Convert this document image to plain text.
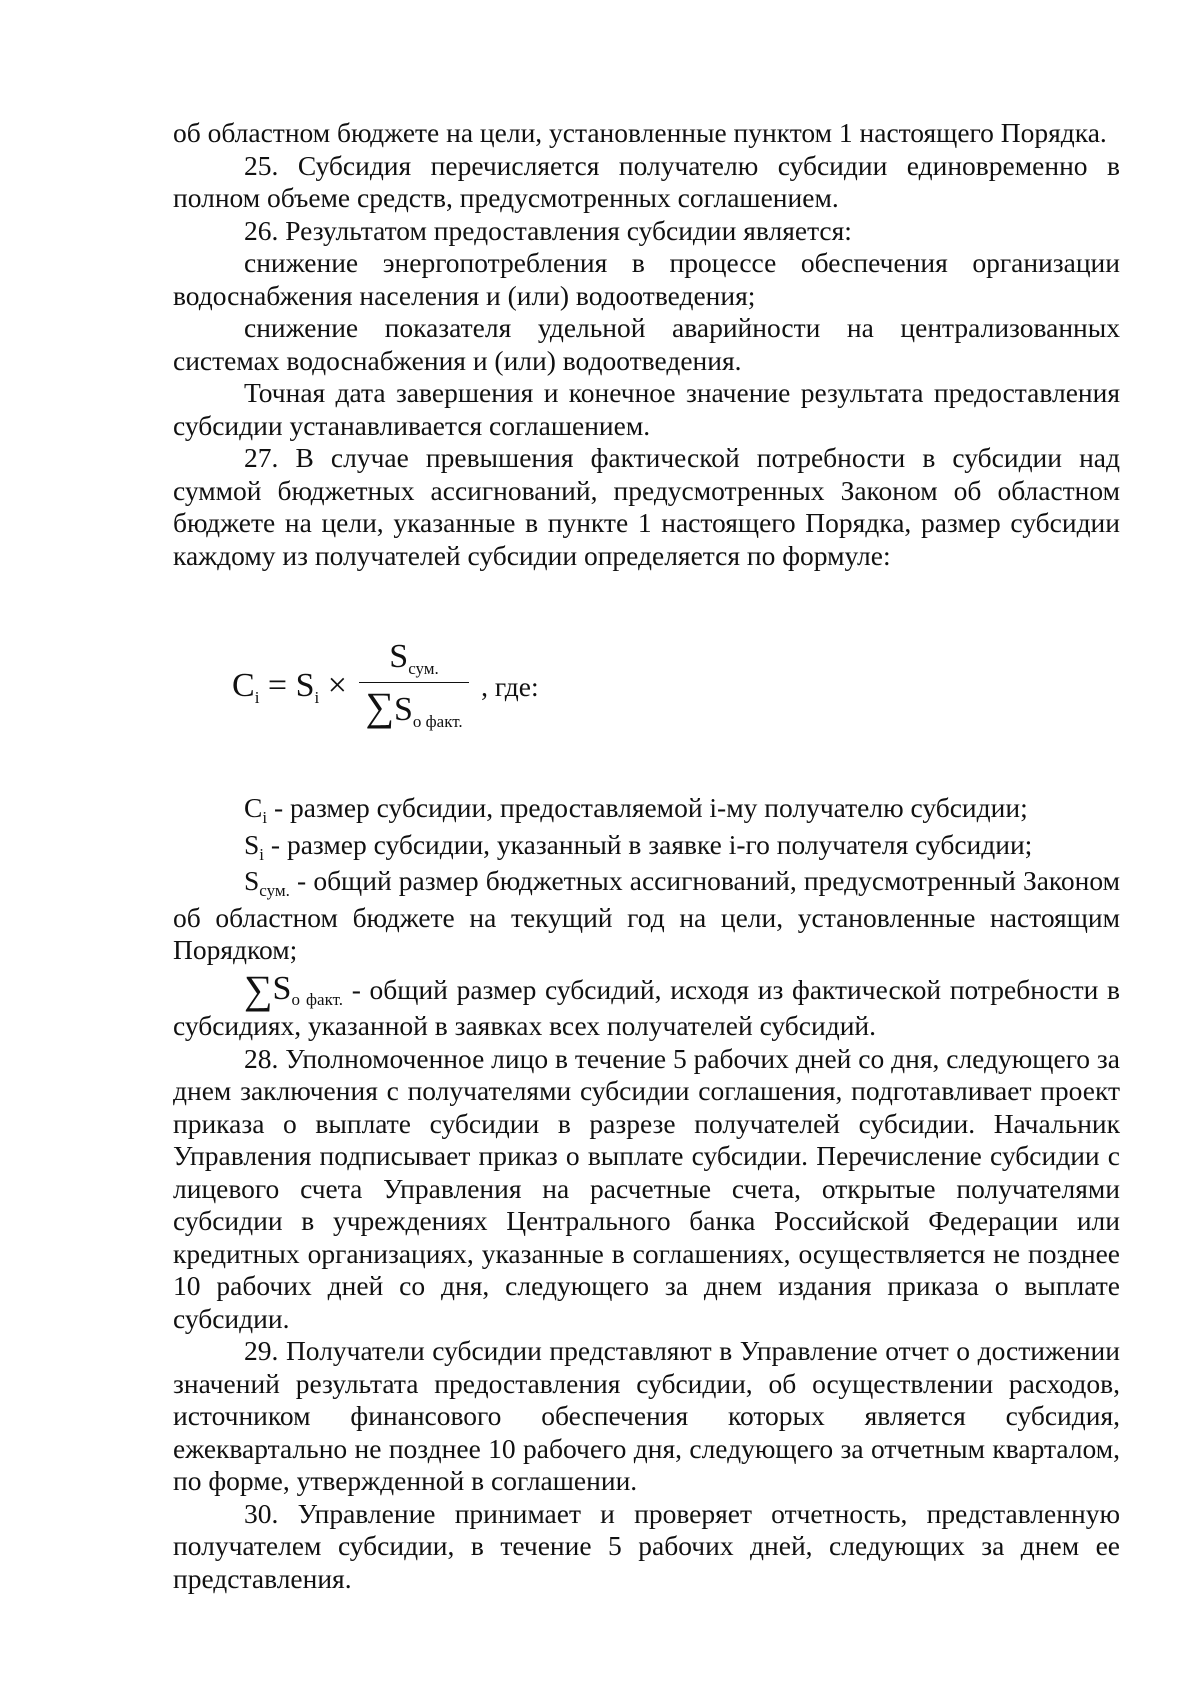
об областном бюджете на цели, установленные пунктом 1 настоящего Порядка.

25. Субсидия перечисляется получателю субсидии единовременно в полном объеме средств, предусмотренных соглашением.

26. Результатом предоставления субсидии является:

снижение энергопотребления в процессе обеспечения организации водоснабжения населения и (или) водоотведения;

снижение показателя удельной аварийности на централизованных системах водоснабжения и (или) водоотведения.

Точная дата завершения и конечное значение результата предоставления субсидии устанавливается соглашением.

27. В случае превышения фактической потребности в субсидии над суммой бюджетных ассигнований, предусмотренных Законом об областном бюджете на цели, указанные в пункте 1 настоящего Порядка, размер субсидии каждому из получателей субсидии определяется по формуле:

$C_i = S_i \times \frac{S_{сум.}}{\sum S_{о факт.}}$ , где:

$C_i$ - размер субсидии, предоставляемой i-му получателю субсидии;

$S_i$ - размер субсидии, указанный в заявке i-го получателя субсидии;

$S_{сум.}$ - общий размер бюджетных ассигнований, предусмотренный Законом об областном бюджете на текущий год на цели, установленные настоящим Порядком;

$\sum S_{о факт.}$ - общий размер субсидий, исходя из фактической потребности в субсидиях, указанной в заявках всех получателей субсидий.

28. Уполномоченное лицо в течение 5 рабочих дней со дня, следующего за днем заключения с получателями субсидии соглашения, подготавливает проект приказа о выплате субсидии в разрезе получателей субсидии. Начальник Управления подписывает приказ о выплате субсидии. Перечисление субсидии с лицевого счета Управления на расчетные счета, открытые получателями субсидии в учреждениях Центрального банка Российской Федерации или кредитных организациях, указанные в соглашениях, осуществляется не позднее 10 рабочих дней со дня, следующего за днем издания приказа о выплате субсидии.

29. Получатели субсидии представляют в Управление отчет о достижении значений результата предоставления субсидии, об осуществлении расходов, источником финансового обеспечения которых является субсидия, ежеквартально не позднее 10 рабочего дня, следующего за отчетным кварталом, по форме, утвержденной в соглашении.

30. Управление принимает и проверяет отчетность, представленную получателем субсидии, в течение 5 рабочих дней, следующих за днем ее представления.
